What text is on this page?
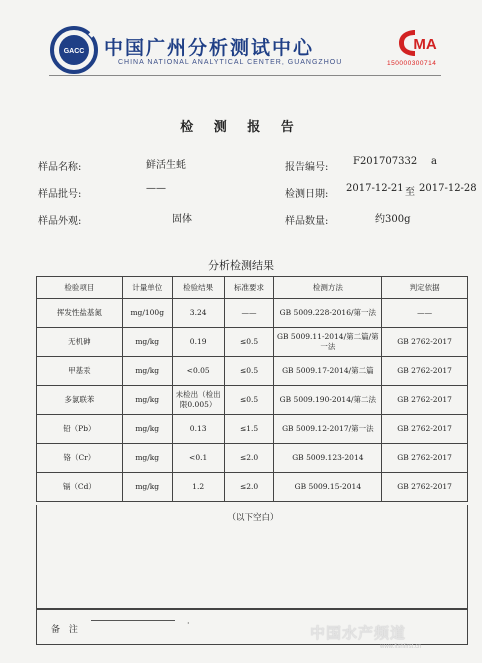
GACC 中国广州分析测试中心
CHINA NATIONAL ANALYTICAL CENTER, GUANGZHOU
MA
150000300714
检 测 报 告
样品名称:	鲜活生蚝	报告编号:
F201707332 a
样品批号:
——
检测日期:
2017-12-21 至 2017-12-28
样品外观:	固体	样品数量:	约300g
分析检测结果
检验项目	计量单位	检验结果	标准要求	检测方法	判定依据
挥发性盐基氮	mg/100g	3.24	——	GB 5009.228-2016/第一法	——
无机砷	mg/kg	0.19	≤0.5	GB 5009.11-2014/第二篇/第一法	GB 2762-2017
甲基汞	mg/kg	<0.05	≤0.5	GB 5009.17-2014/第二篇	GB 2762-2017
多氯联苯	mg/kg	未检出（检出限0.005）	≤0.5	GB 5009.190-2014/第二法	GB 2762-2017
铅（Pb）	mg/kg	0.13	≤1.5	GB 5009.12-2017/第一法	GB 2762-2017
铬（Cr）	mg/kg	<0.1	≤2.0	GB 5009.123-2014	GB 2762-2017
镉（Cd）	mg/kg	1.2	≤2.0	GB 5009.15-2014	GB 2762-2017
（以下空白）
备 注
·
中国水产频道
www.fishfirst.cn
